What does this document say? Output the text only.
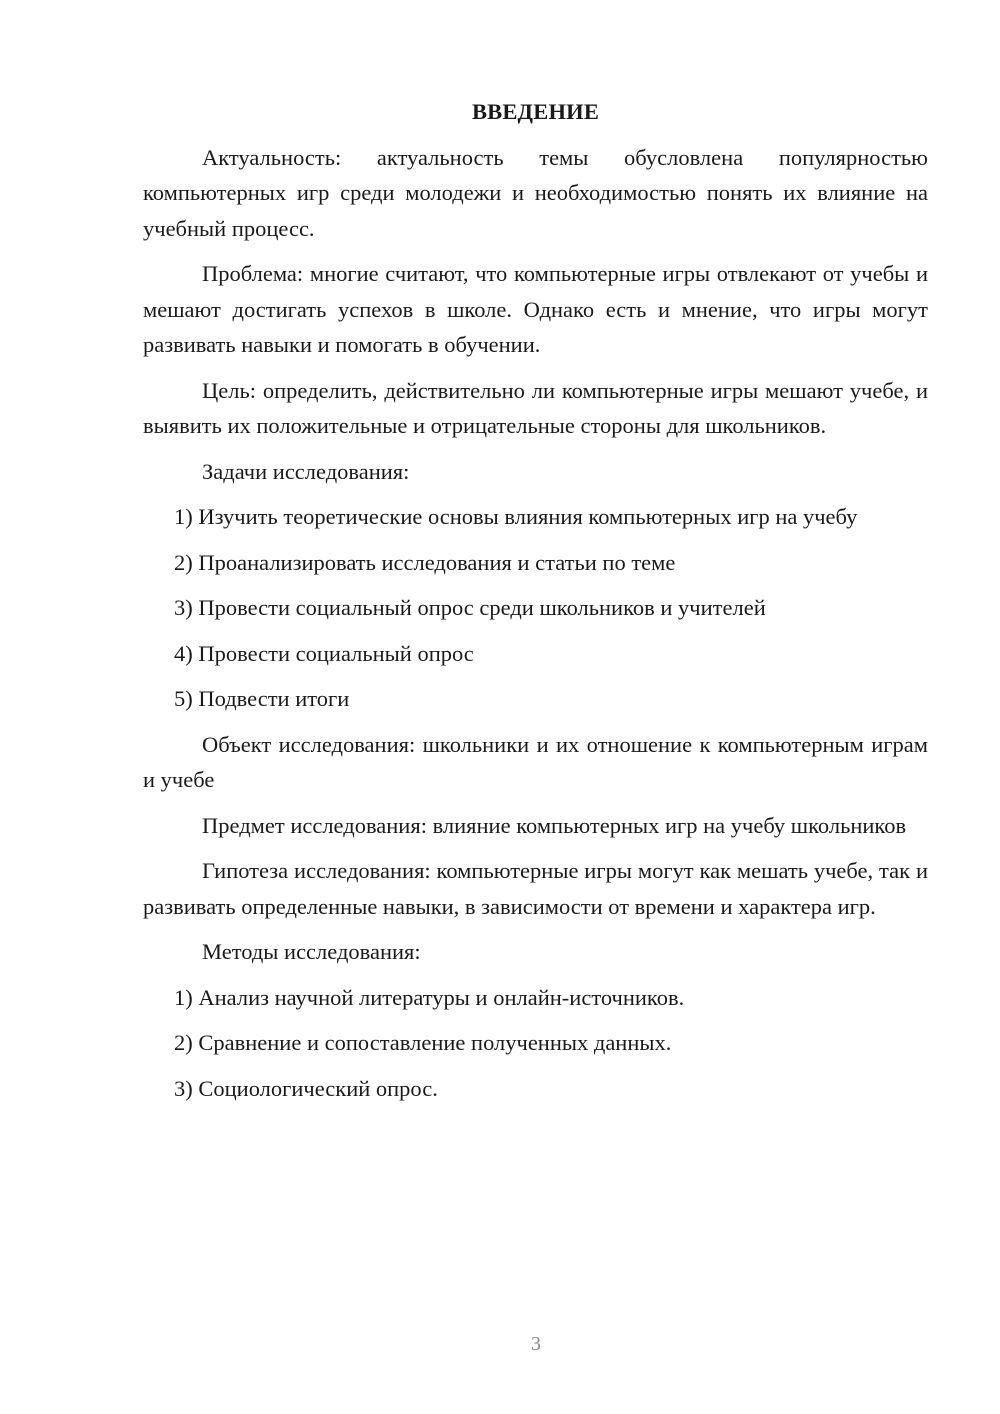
ВВЕДЕНИЕ
Актуальность: актуальность темы обусловлена популярностью компьютерных игр среди молодежи и необходимостью понять их влияние на учебный процесс.
Проблема: многие считают, что компьютерные игры отвлекают от учебы и мешают достигать успехов в школе. Однако есть и мнение, что игры могут развивать навыки и помогать в обучении.
Цель: определить, действительно ли компьютерные игры мешают учебе, и выявить их положительные и отрицательные стороны для школьников.
Задачи исследования:
1) Изучить теоретические основы влияния компьютерных игр на учебу
2) Проанализировать исследования и статьи по теме
3) Провести социальный опрос среди школьников и учителей
4) Провести социальный опрос
5) Подвести итоги
Объект исследования: школьники и их отношение к компьютерным играм и учебе
Предмет исследования: влияние компьютерных игр на учебу школьников
Гипотеза исследования: компьютерные игры могут как мешать учебе, так и развивать определенные навыки, в зависимости от времени и характера игр.
Методы исследования:
1) Анализ научной литературы и онлайн-источников.
2) Сравнение и сопоставление полученных данных.
3) Социологический опрос.
3
